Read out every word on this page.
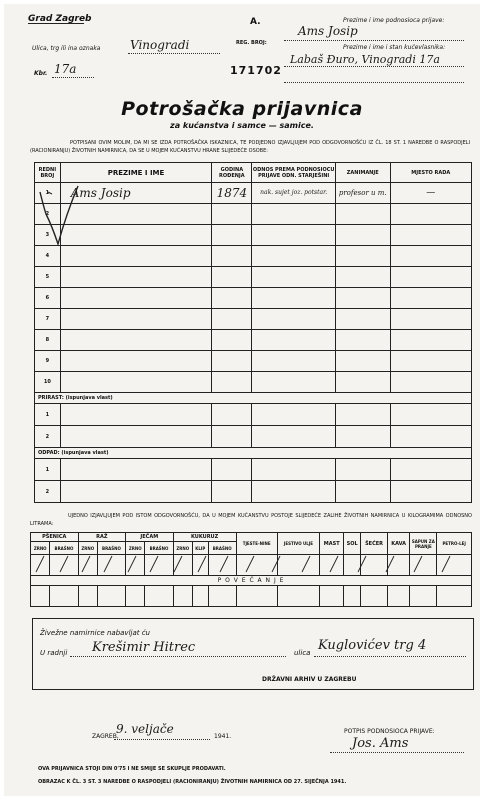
Grad Zagreb	A.
REG. BROJ:
Ulica, trg ili ina oznaka Vinogradi
Kbr. 17a	171702
Prezime i ime podnosioca prijave:
Ams Josip
Prezime i ime i stan kućevlasnika:
Labaš Đuro, Vinogradi 17a
Potrošačka prijavnica
za kućanstva i samce — samice.
POTPISANI OVIM MOLIM, DA MI SE IZDA POTROŠAČKA ISKAZNICA, TE PODJEDNO IZJAVLJUJEM POD ODGOVORNOŠĆU IZ ČL. 18 ST. 1 NAREDBE O RASPODJELI (RACIONIRANJU) ŽIVOTNIH NAMIRNICA, DA SE U MOJEM KUĆANSTVU HRANE SLIJEDEĆE OSOBE:
REDNI BROJ	PREZIME I IME	GODINA ROĐENJA	ODNOS PREMA PODNOSIOCU PRIJAVE ODN. STARJEŠINI	ZANIMANJE	MJESTO RADA
1	Ams Josip	1874	nak. sujet joz. potstar.	profesor u m.	—
2					
3					
4					
5					
6					
7					
8					
9					
10					
PRIRAST: (ispunjava vlast)					
1					
2					
ODPAD: (ispunjava vlast)					
1					
2					
UJEDNO IZJAVLJUJEM POD ISTOM ODGOVORNOŠĆU, DA U MOJEM KUĆANSTVU POSTOJE SLIJEDEĆE ZALIHE ŽIVOTNIH NAMIRNICA U KILOGRAMIMA ODNOSNO LITRAMA:
PŠENICA		RAŽ		JEČAM		KUKURUZ			TJESTE-NINE	JESTIVO ULJE	MAST	SOL	ŠEĆER	KAVA	SAPUN ZA PRANJE	PETRO-LEJ
ZRNO	BRAŠNO	ZRNO	BRAŠNO	ZRNO	BRAŠNO	ZRNO	KLIP	BRAŠNO								

P O V E Ć A N J E																

Živežne namirnice nabavljat ću
U radnji Krešimir Hitrec	ulica Kuglovićev trg 4
DRŽAVNI ARHIV U ZAGREBU
ZAGREB,
9. veljače
1941.
POTPIS PODNOSIOCA PRIJAVE:
Jos. Ams
OVA PRIJAVNICA STOJI DIN 0'75 I NE SMIJE SE SKUPLJE PRODAVATI.
OBRAZAC K ČL. 3 ST. 3 NAREDBE O RASPODJELI (RACIONIRANJU) ŽIVOTNIH NAMIRNICA OD 27. SIJEČNJA 1941.
